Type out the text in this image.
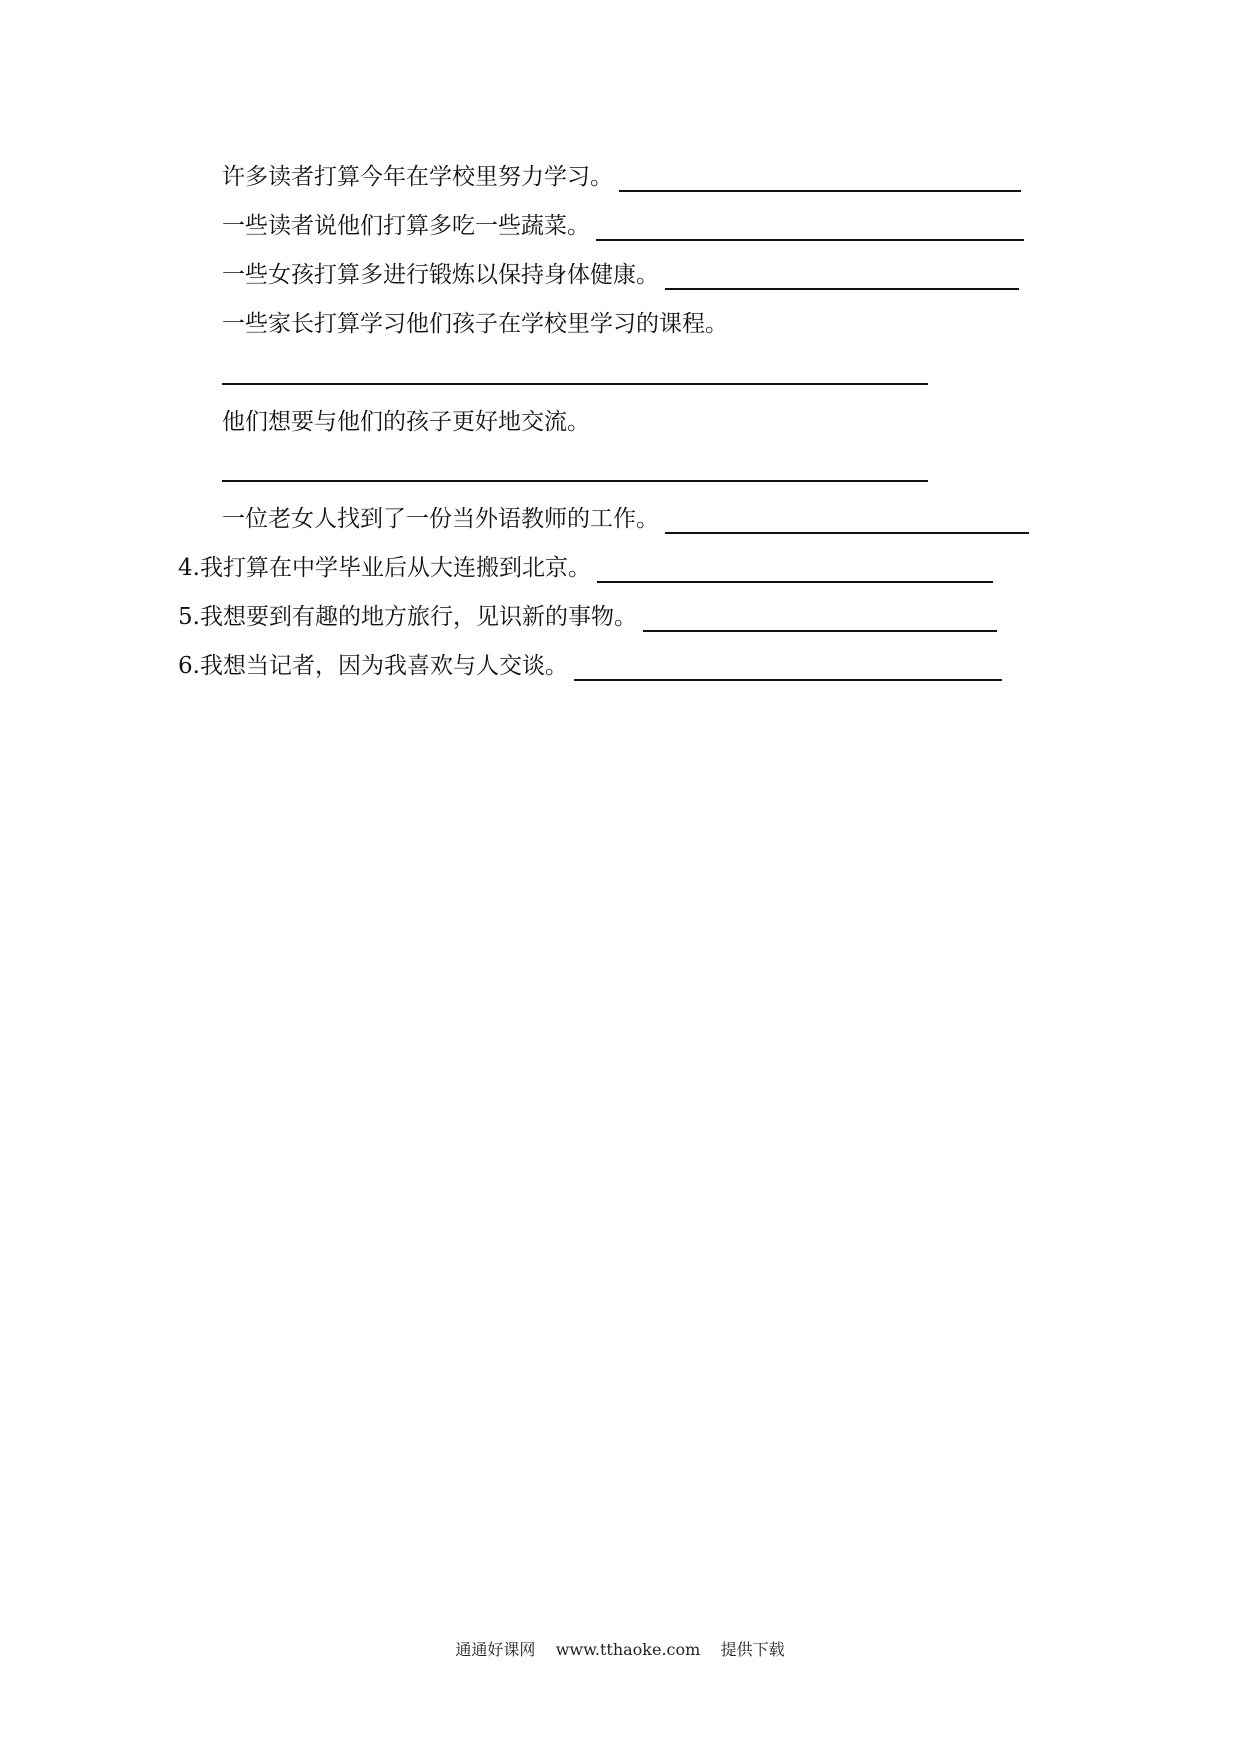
许多读者打算今年在学校里努力学习。
一些读者说他们打算多吃一些蔬菜。
一些女孩打算多进行锻炼以保持身体健康。
一些家长打算学习他们孩子在学校里学习的课程。
他们想要与他们的孩子更好地交流。
一位老女人找到了一份当外语教师的工作。
4.我打算在中学毕业后从大连搬到北京。
5.我想要到有趣的地方旅行，见识新的事物。
6.我想当记者，因为我喜欢与人交谈。
通通好课网 www.tthaoke.com 提供下载
